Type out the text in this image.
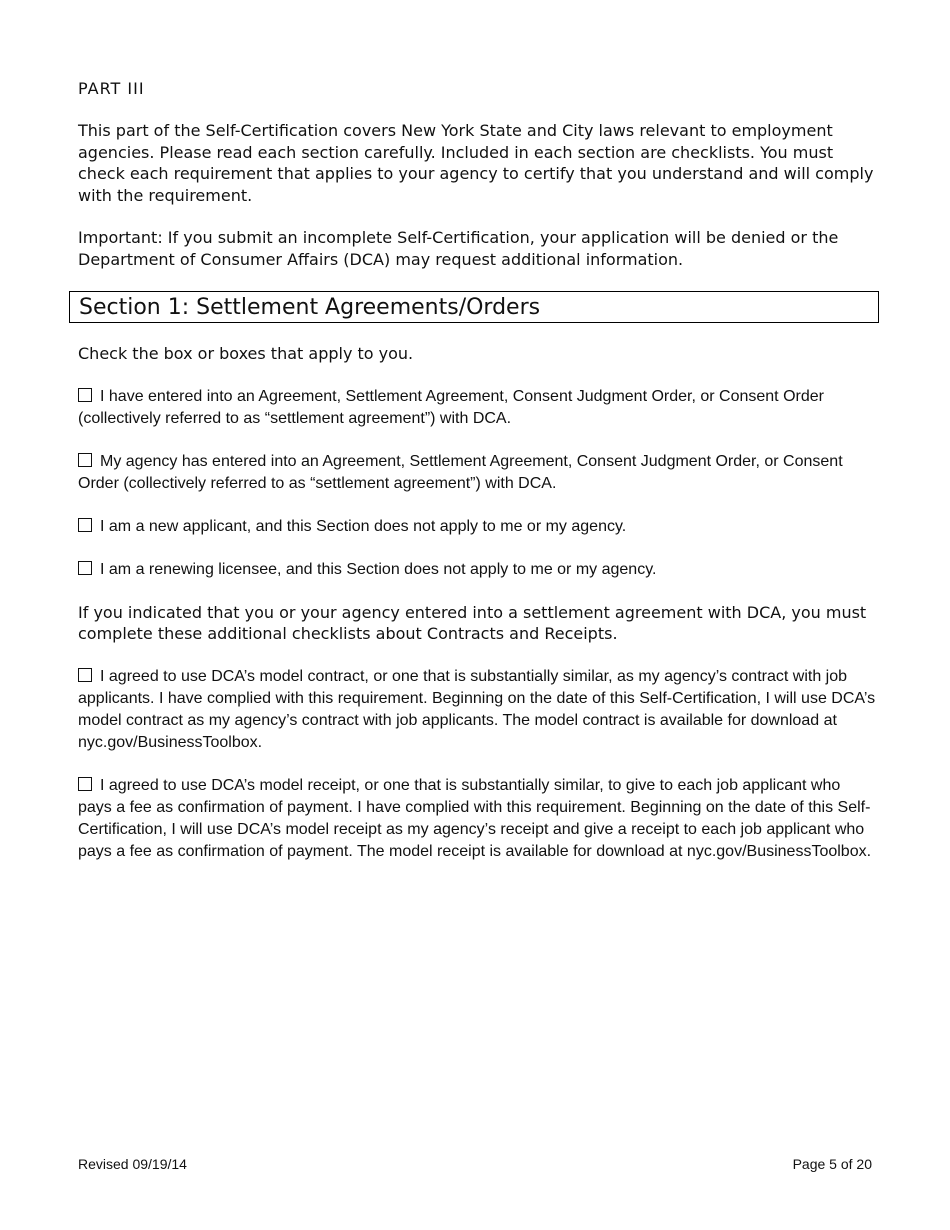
PART III

This part of the Self-Certification covers New York State and City laws relevant to employment agencies. Please read each section carefully. Included in each section are checklists. You must check each requirement that applies to your agency to certify that you understand and will comply with the requirement.

Important: If you submit an incomplete Self-Certification, your application will be denied or the Department of Consumer Affairs (DCA) may request additional information.

Section 1: Settlement Agreements/Orders

Check the box or boxes that apply to you.

I have entered into an Agreement, Settlement Agreement, Consent Judgment Order, or Consent Order (collectively referred to as “settlement agreement”) with DCA.
My agency has entered into an Agreement, Settlement Agreement, Consent Judgment Order, or Consent Order (collectively referred to as “settlement agreement”) with DCA.
I am a new applicant, and this Section does not apply to me or my agency.
I am a renewing licensee, and this Section does not apply to me or my agency.

If you indicated that you or your agency entered into a settlement agreement with DCA, you must complete these additional checklists about Contracts and Receipts.

I agreed to use DCA’s model contract, or one that is substantially similar, as my agency’s contract with job applicants. I have complied with this requirement. Beginning on the date of this Self-Certification, I will use DCA’s model contract as my agency’s contract with job applicants. The model contract is available for download at nyc.gov/BusinessToolbox.
I agreed to use DCA’s model receipt, or one that is substantially similar, to give to each job applicant who pays a fee as confirmation of payment. I have complied with this requirement. Beginning on the date of this Self-Certification, I will use DCA’s model receipt as my agency’s receipt and give a receipt to each job applicant who pays a fee as confirmation of payment. The model receipt is available for download at nyc.gov/BusinessToolbox.
Revised 09/19/14	Page 5 of 20
